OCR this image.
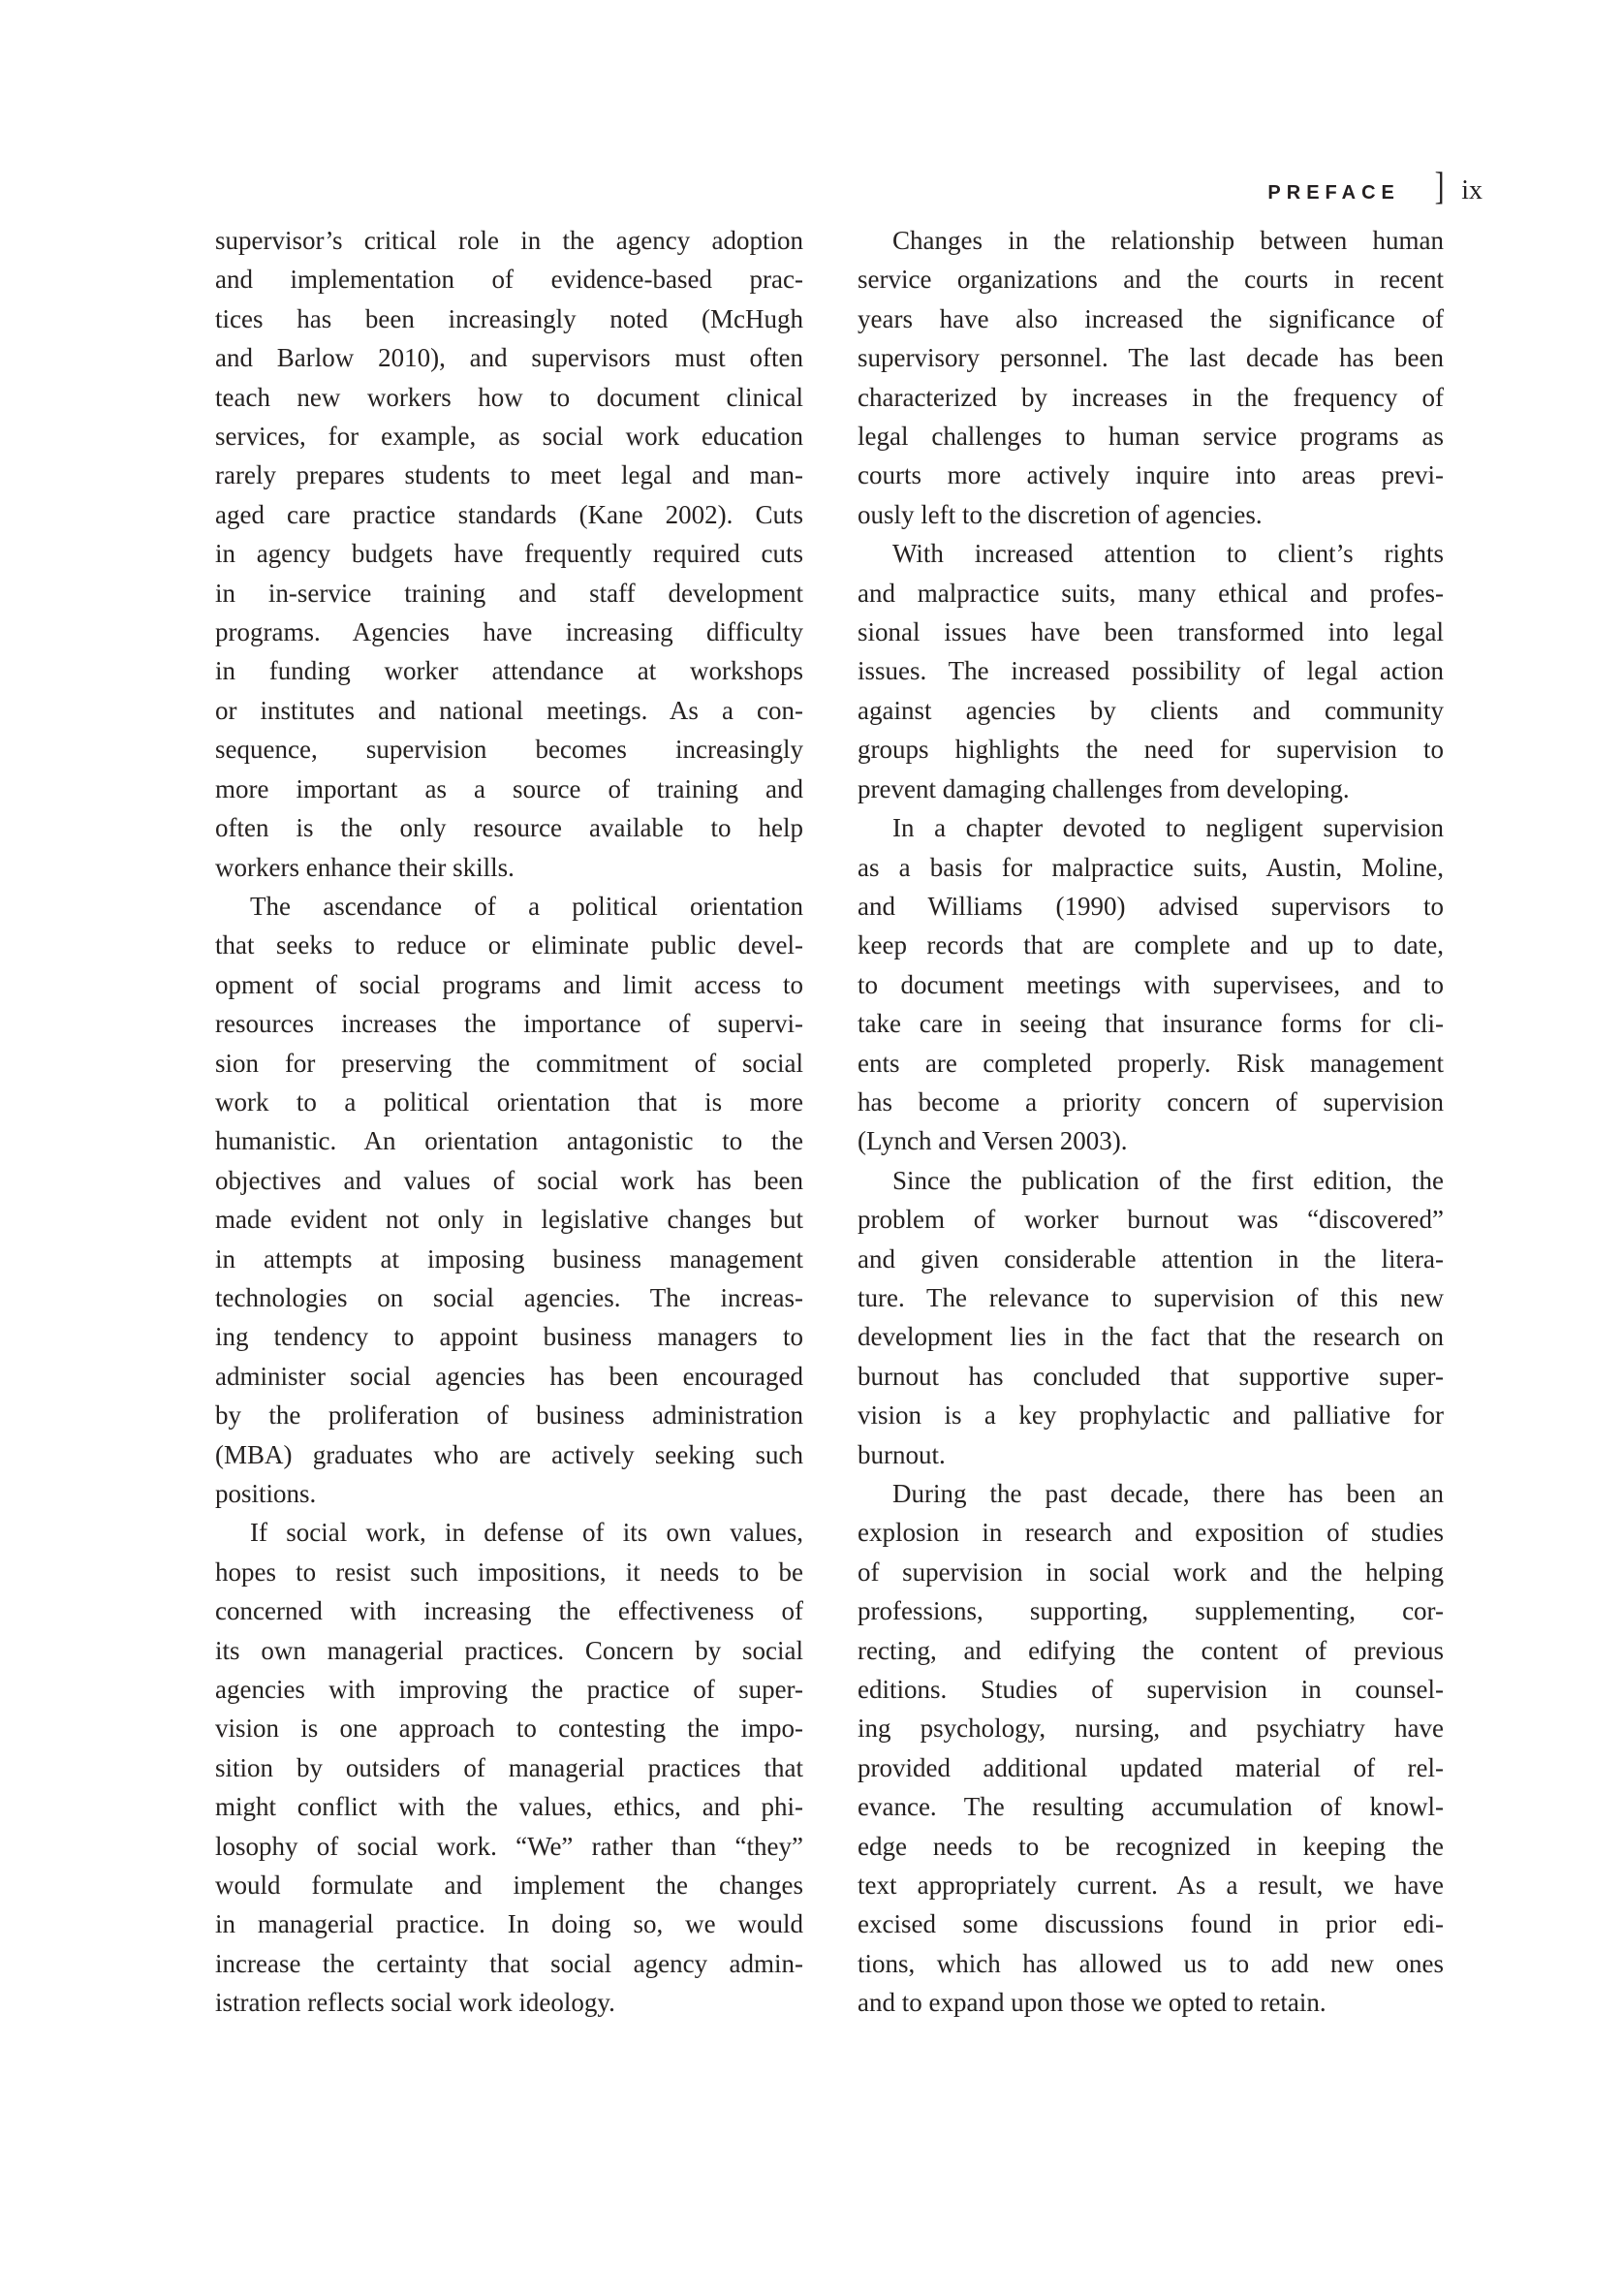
PREFACE ] ix
supervisor’s critical role in the agency adoption
and implementation of evidence-based prac-
tices has been increasingly noted (McHugh
and Barlow 2010), and supervisors must often
teach new workers how to document clinical
services, for example, as social work education
rarely prepares students to meet legal and man-
aged care practice standards (Kane 2002). Cuts
in agency budgets have frequently required cuts
in in-service training and staff development
programs. Agencies have increasing difficulty
in funding worker attendance at workshops
or institutes and national meetings. As a con-
sequence, supervision becomes increasingly
more important as a source of training and
often is the only resource available to help
workers enhance their skills.
The ascendance of a political orientation
that seeks to reduce or eliminate public devel-
opment of social programs and limit access to
resources increases the importance of supervi-
sion for preserving the commitment of social
work to a political orientation that is more
humanistic. An orientation antagonistic to the
objectives and values of social work has been
made evident not only in legislative changes but
in attempts at imposing business management
technologies on social agencies. The increas-
ing tendency to appoint business managers to
administer social agencies has been encouraged
by the proliferation of business administration
(MBA) graduates who are actively seeking such
positions.
If social work, in defense of its own values,
hopes to resist such impositions, it needs to be
concerned with increasing the effectiveness of
its own managerial practices. Concern by social
agencies with improving the practice of super-
vision is one approach to contesting the impo-
sition by outsiders of managerial practices that
might conflict with the values, ethics, and phi-
losophy of social work. “We” rather than “they”
would formulate and implement the changes
in managerial practice. In doing so, we would
increase the certainty that social agency admin-
istration reflects social work ideology.
Changes in the relationship between human
service organizations and the courts in recent
years have also increased the significance of
supervisory personnel. The last decade has been
characterized by increases in the frequency of
legal challenges to human service programs as
courts more actively inquire into areas previ-
ously left to the discretion of agencies.
With increased attention to client’s rights
and malpractice suits, many ethical and profes-
sional issues have been transformed into legal
issues. The increased possibility of legal action
against agencies by clients and community
groups highlights the need for supervision to
prevent damaging challenges from developing.
In a chapter devoted to negligent supervision
as a basis for malpractice suits, Austin, Moline,
and Williams (1990) advised supervisors to
keep records that are complete and up to date,
to document meetings with supervisees, and to
take care in seeing that insurance forms for cli-
ents are completed properly. Risk management
has become a priority concern of supervision
(Lynch and Versen 2003).
Since the publication of the first edition, the
problem of worker burnout was “discovered”
and given considerable attention in the litera-
ture. The relevance to supervision of this new
development lies in the fact that the research on
burnout has concluded that supportive super-
vision is a key prophylactic and palliative for
burnout.
During the past decade, there has been an
explosion in research and exposition of studies
of supervision in social work and the helping
professions, supporting, supplementing, cor-
recting, and edifying the content of previous
editions. Studies of supervision in counsel-
ing psychology, nursing, and psychiatry have
provided additional updated material of rel-
evance. The resulting accumulation of knowl-
edge needs to be recognized in keeping the
text appropriately current. As a result, we have
excised some discussions found in prior edi-
tions, which has allowed us to add new ones
and to expand upon those we opted to retain.
